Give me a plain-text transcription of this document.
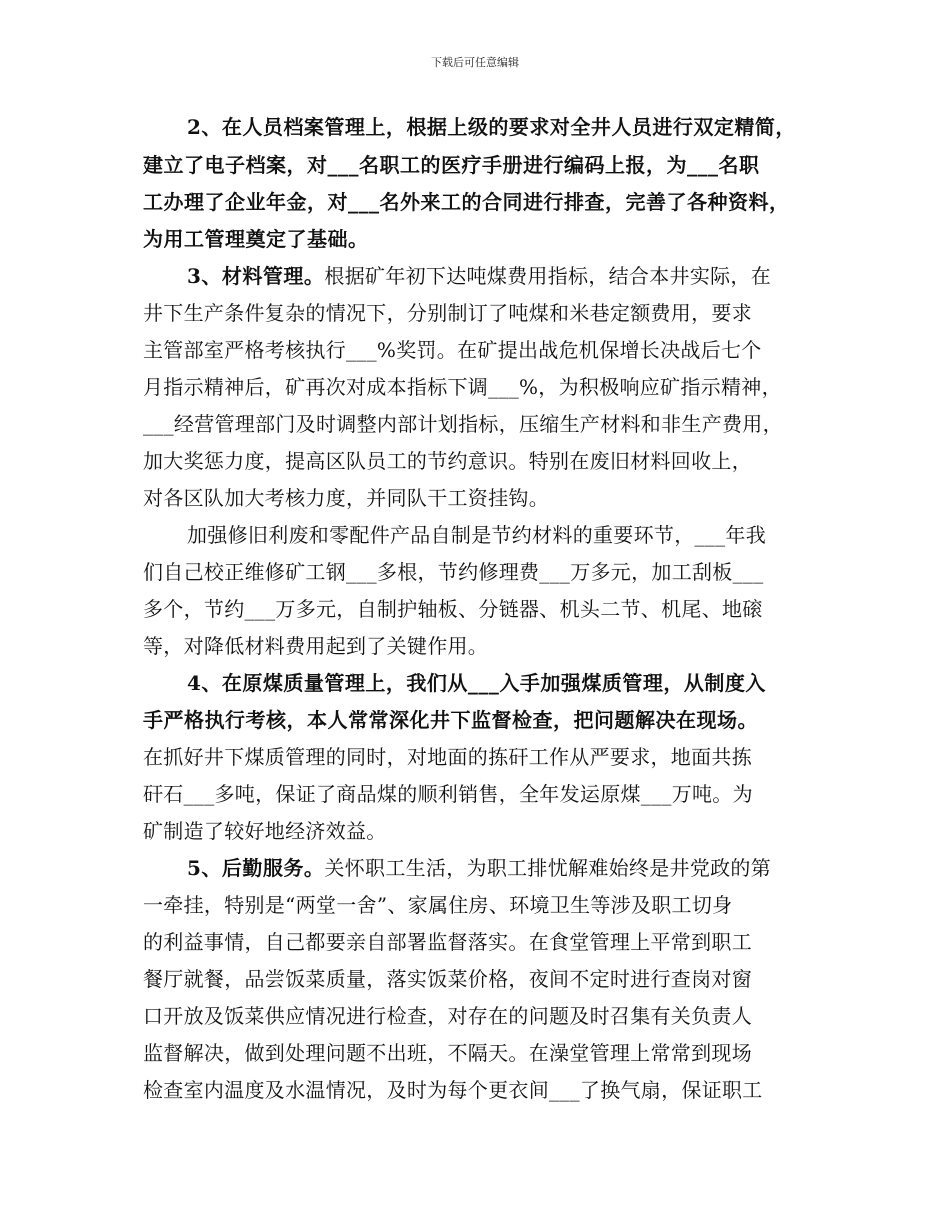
下载后可任意编辑
2、在人员档案管理上，根据上级的要求对全井人员进行双定精简，
建立了电子档案，对___名职工的医疗手册进行编码上报，为___名职
工办理了企业年金，对___名外来工的合同进行排查，完善了各种资料，
为用工管理奠定了基础。
3、材料管理。根据矿年初下达吨煤费用指标，结合本井实际，在
井下生产条件复杂的情况下，分别制订了吨煤和米巷定额费用，要求
主管部室严格考核执行___%奖罚。在矿提出战危机保增长决战后七个
月指示精神后，矿再次对成本指标下调___%，为积极响应矿指示精神，
___经营管理部门及时调整内部计划指标，压缩生产材料和非生产费用，
加大奖惩力度，提高区队员工的节约意识。特别在废旧材料回收上，
对各区队加大考核力度，并同队干工资挂钩。
加强修旧利废和零配件产品自制是节约材料的重要环节，___年我
们自己校正维修矿工钢___多根，节约修理费___万多元，加工刮板___
多个，节约___万多元，自制护轴板、分链器、机头二节、机尾、地磙
等，对降低材料费用起到了关键作用。
4、在原煤质量管理上，我们从___入手加强煤质管理，从制度入
手严格执行考核，本人常常深化井下监督检查，把问题解决在现场。
在抓好井下煤质管理的同时，对地面的拣矸工作从严要求，地面共拣
矸石___多吨，保证了商品煤的顺利销售，全年发运原煤___万吨。为
矿制造了较好地经济效益。
5、后勤服务。关怀职工生活，为职工排忧解难始终是井党政的第
一牵挂，特别是“两堂一舍”、家属住房、环境卫生等涉及职工切身
的利益事情，自己都要亲自部署监督落实。在食堂管理上平常到职工
餐厅就餐，品尝饭菜质量，落实饭菜价格，夜间不定时进行查岗对窗
口开放及饭菜供应情况进行检查，对存在的问题及时召集有关负责人
监督解决，做到处理问题不出班，不隔天。在澡堂管理上常常到现场
检查室内温度及水温情况，及时为每个更衣间___了换气扇，保证职工
